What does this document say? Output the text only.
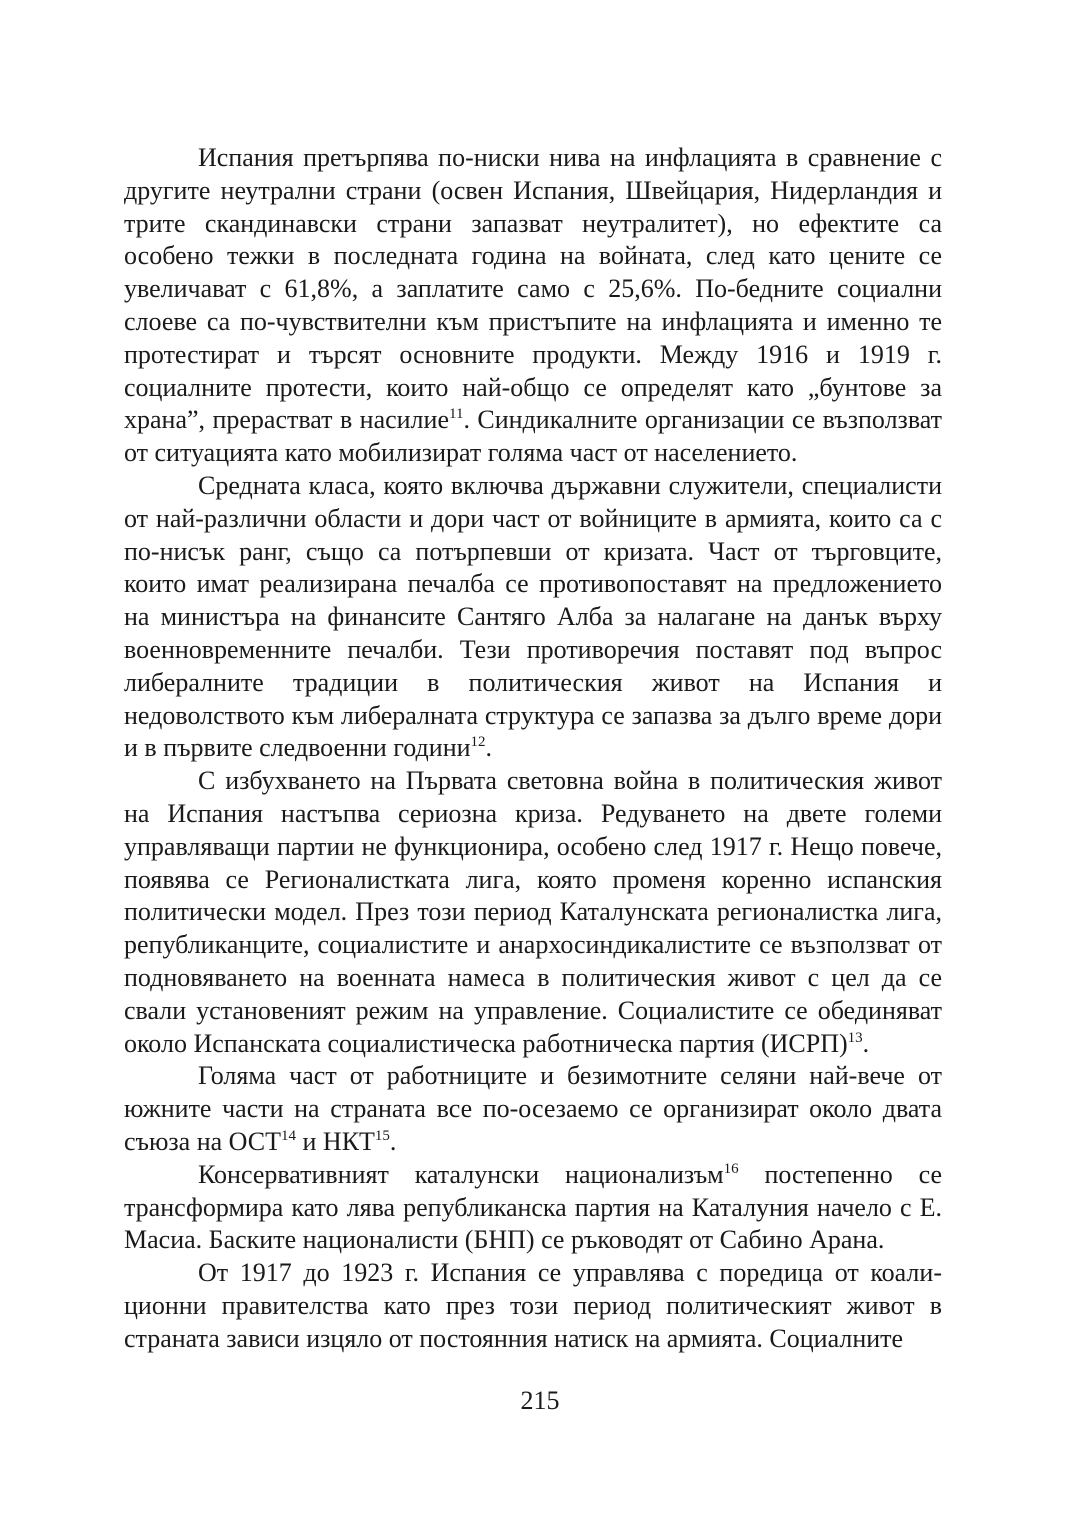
Испания претърпява по-ниски нива на инфлацията в сравнение с другите неутрални страни (освен Испания, Швейцария, Нидерландия и трите скандинавски страни запазват неутралитет), но ефектите са особено тежки в последната година на войната, след като цените се увеличават с 61,8%, а заплатите само с 25,6%. По-бедните социални слоеве са по-чувствителни към пристъпите на инфлацията и именно те протестират и търсят основните продукти. Между 1916 и 1919 г. социалните протести, които най-общо се определят като „бунтове за храна”, прерастват в насилие$^{11}$. Синдикалните организации се възползват от ситуацията като мобилизират голяма част от населението.

Средната класа, която включва държавни служители, специалисти от най-различни области и дори част от войниците в армията, които са с по-нисък ранг, също са потърпевши от кризата. Част от търговците, които имат реализирана печалба се противопоставят на предложението на министъра на финансите Сантяго Алба за налагане на данък върху военновременните печалби. Тези противоречия поставят под въпрос либералните традиции в политическия живот на Испания и недоволството към либералната структура се запазва за дълго време дори и в първите следвоенни години$^{12}$.

С избухването на Първата световна война в политическия живот на Испания настъпва сериозна криза. Редуването на двете големи управляващи партии не функционира, особено след 1917 г. Нещо повече, появява се Регионалистката лига, която променя коренно испанския политически модел. През този период Каталунската регионалистка лига, републиканците, социалистите и анархосиндикалистите се възползват от подновяването на военната намеса в политическия живот с цел да се свали установеният режим на управление. Социалистите се обединяват около Испанската социалистическа работническа партия (ИСРП)$^{13}$.

Голяма част от работниците и безимотните селяни най-вече от южните части на страната все по-осезаемо се организират около двата съюза на ОСТ$^{14}$ и НКТ$^{15}$.

Консервативният каталунски национализъм$^{16}$ постепенно се трансформира като лява републиканска партия на Каталуния начело с Е. Масиа. Баските националисти (БНП) се ръководят от Сабино Арана.

От 1917 до 1923 г. Испания се управлява с поредица от коалиционни правителства като през този период политическият живот в страната зависи изцяло от постоянния натиск на армията. Социалните

215
